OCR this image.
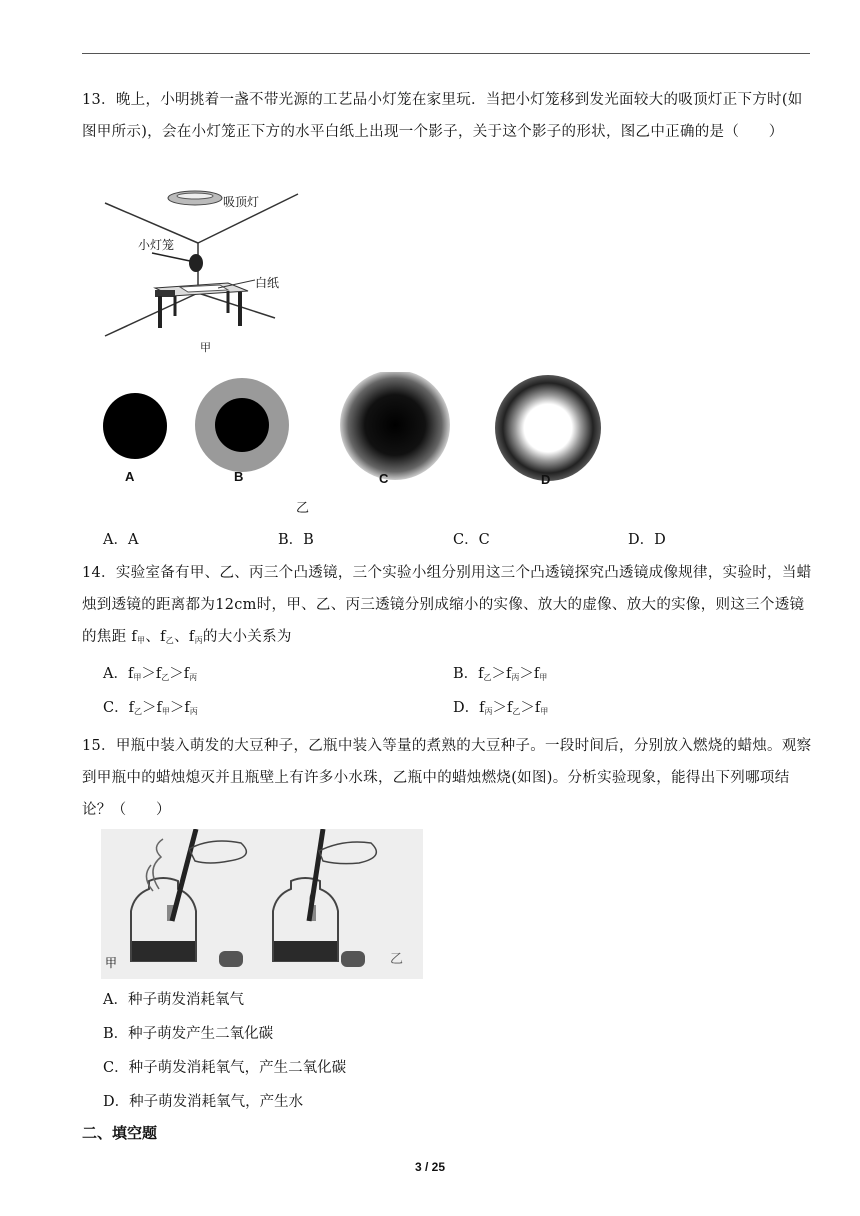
13．晚上，小明挑着一盏不带光源的工艺品小灯笼在家里玩．当把小灯笼移到发光面较大的吸顶灯正下方时(如图甲所示)，会在小灯笼正下方的水平白纸上出现一个影子，关于这个影子的形状，图乙中正确的是（　　）
吸顶灯
小灯笼
白纸
甲
A	B	C	D
乙
A．A	B．B	C．C	D．D
14．实验室备有甲、乙、丙三个凸透镜，三个实验小组分别用这三个凸透镜探究凸透镜成像规律，实验时，当蜡烛到透镜的距离都为12cm时，甲、乙、丙三透镜分别成缩小的实像、放大的虚像、放大的实像，则这三个透镜的焦距 $f_甲$、$f_乙$、$f_丙$的大小关系为
A．$f_甲>f_乙>f_丙$	B．$f_乙>f_丙>f_甲$
C．$f_乙>f_甲>f_丙$	D．$f_丙>f_乙>f_甲$
15．甲瓶中装入萌发的大豆种子，乙瓶中装入等量的煮熟的大豆种子。一段时间后，分别放入燃烧的蜡烛。观察到甲瓶中的蜡烛熄灭并且瓶壁上有许多小水珠，乙瓶中的蜡烛燃烧(如图)。分析实验现象，能得出下列哪项结论？（　　）
甲	乙
A．种子萌发消耗氧气
B．种子萌发产生二氧化碳
C．种子萌发消耗氧气，产生二氧化碳
D．种子萌发消耗氧气，产生水
二、填空题
3 / 25
